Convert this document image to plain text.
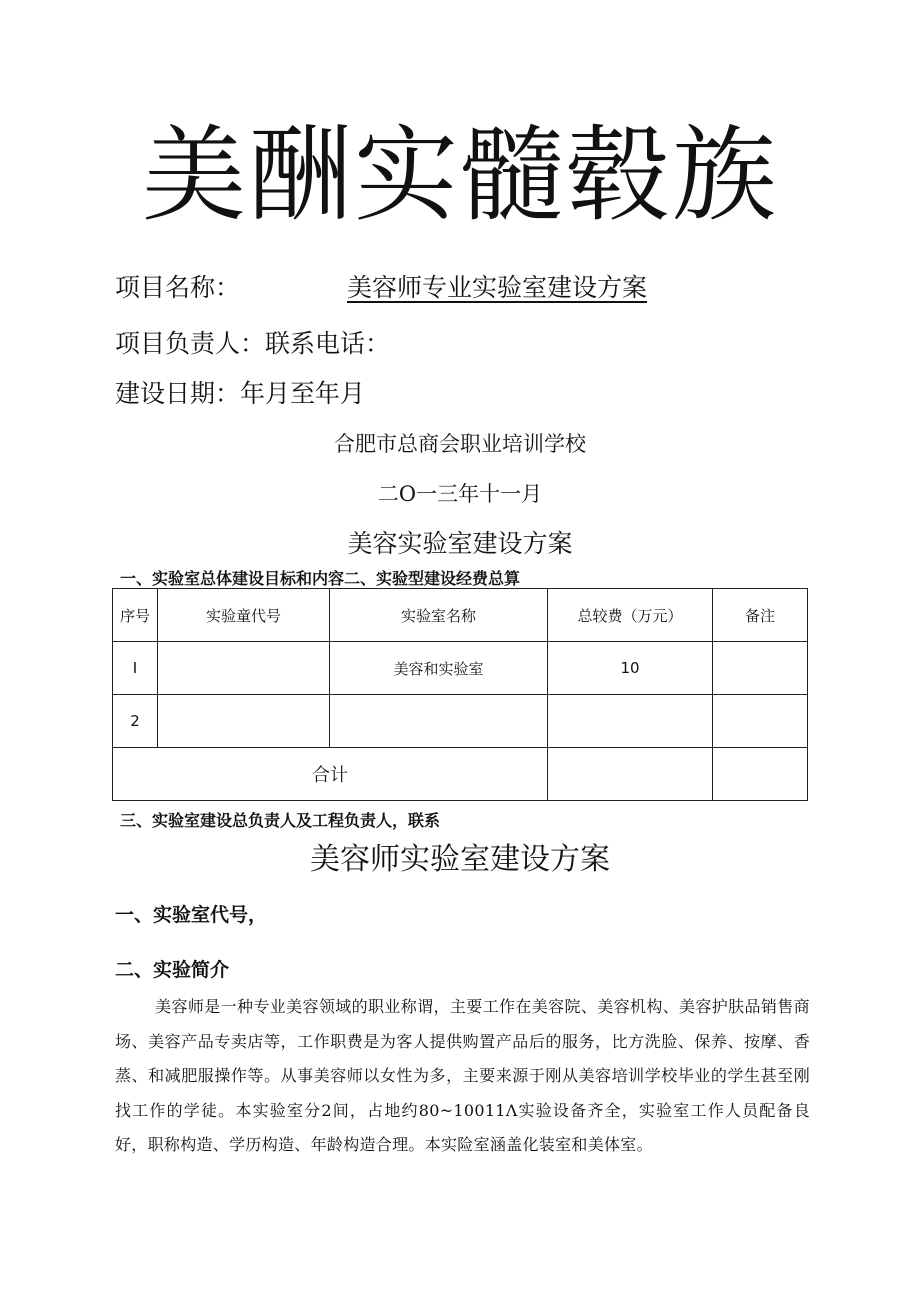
美酬实髓毂族
项目名称：	美容师专业实验室建设方案
项目负责人：联系电话：
建设日期：年月至年月
合肥市总商会职业培训学校
二O一三年十一月
美容实验室建设方案
一、实验室总体建设目标和内容二、实验型建设经费总算
序号	实验童代号	实验室名称	总较费（万元）	备注
I		美容和实验室	10	
2				
合计				
三、实验室建设总负责人及工程负责人，联系
美容师实验室建设方案
一、实验室代号，
二、实验简介
美容师是一种专业美容领域的职业称谓，主要工作在美容院、美容机构、美容护肤品销售商场、美容产品专卖店等，工作职费是为客人提供购置产品后的服务，比方洗脸、保养、按摩、香蒸、和减肥服操作等。从事美容师以女性为多，主要来源于刚从美容培训学校毕业的学生甚至刚找工作的学徒。本实验室分2间，占地约80~10011Λ实验设备齐全，实验室工作人员配备良好，职称构造、学历构造、年龄构造合理。本实险室涵盖化装室和美体室。
